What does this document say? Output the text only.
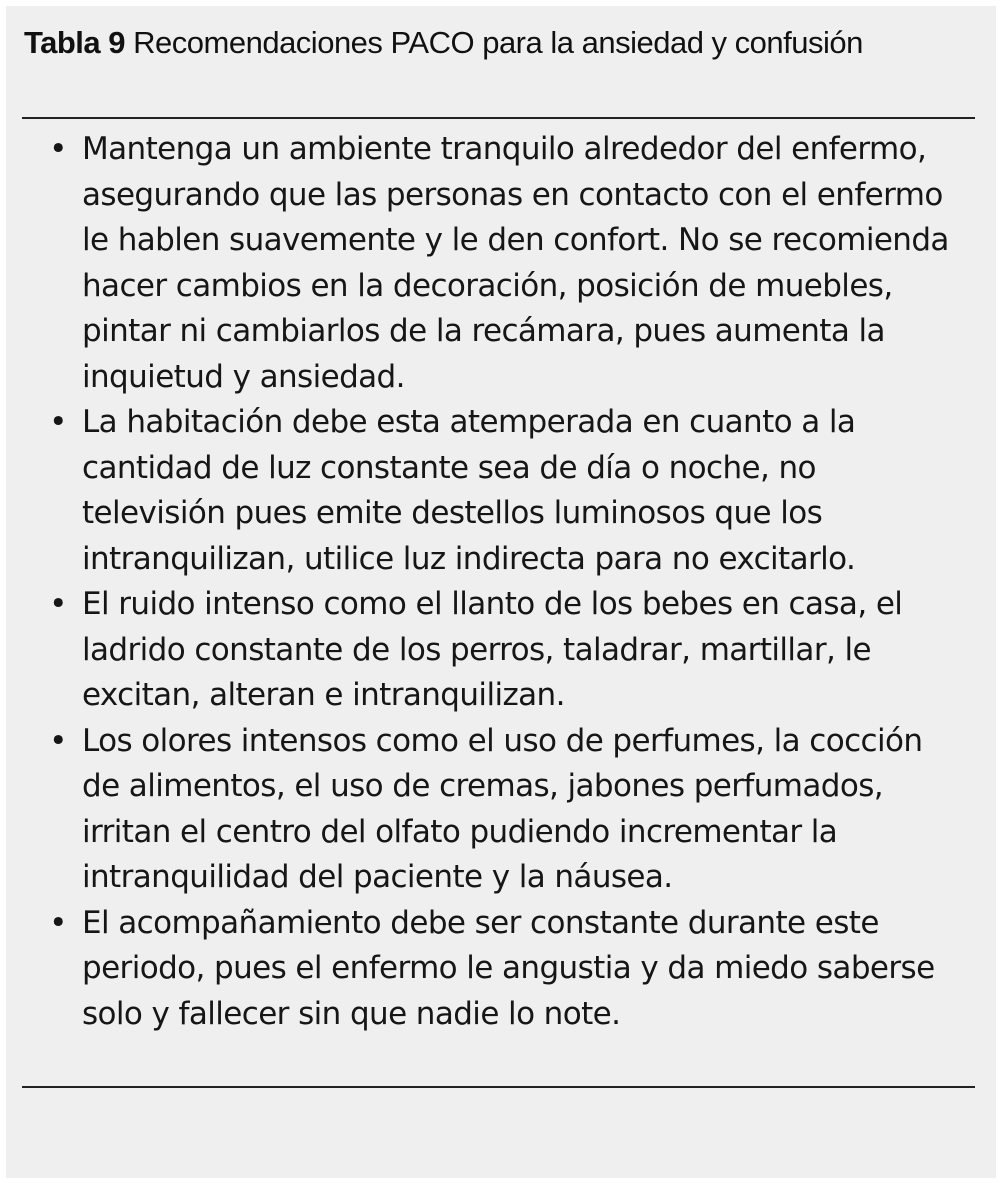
Tabla 9 Recomendaciones PACO para la ansiedad y confusión
• Mantenga un ambiente tranquilo alrededor del enfermo, asegurando que las personas en contacto con el enfermo le hablen suavemente y le den confort. No se recomienda hacer cambios en la decoración, posición de muebles, pintar ni cambiarlos de la recámara, pues aumenta la inquietud y ansiedad.
• La habitación debe esta atemperada en cuanto a la cantidad de luz constante sea de día o noche, no televisión pues emite destellos luminosos que los intranquilizan, utilice luz indirecta para no excitarlo.
• El ruido intenso como el llanto de los bebes en casa, el ladrido constante de los perros, taladrar, martillar, le excitan, alteran e intranquilizan.
• Los olores intensos como el uso de perfumes, la cocción de alimentos, el uso de cremas, jabones perfumados, irritan el centro del olfato pudiendo incrementar la intranquilidad del paciente y la náusea.
• El acompañamiento debe ser constante durante este periodo, pues el enfermo le angustia y da miedo saberse solo y fallecer sin que nadie lo note.
